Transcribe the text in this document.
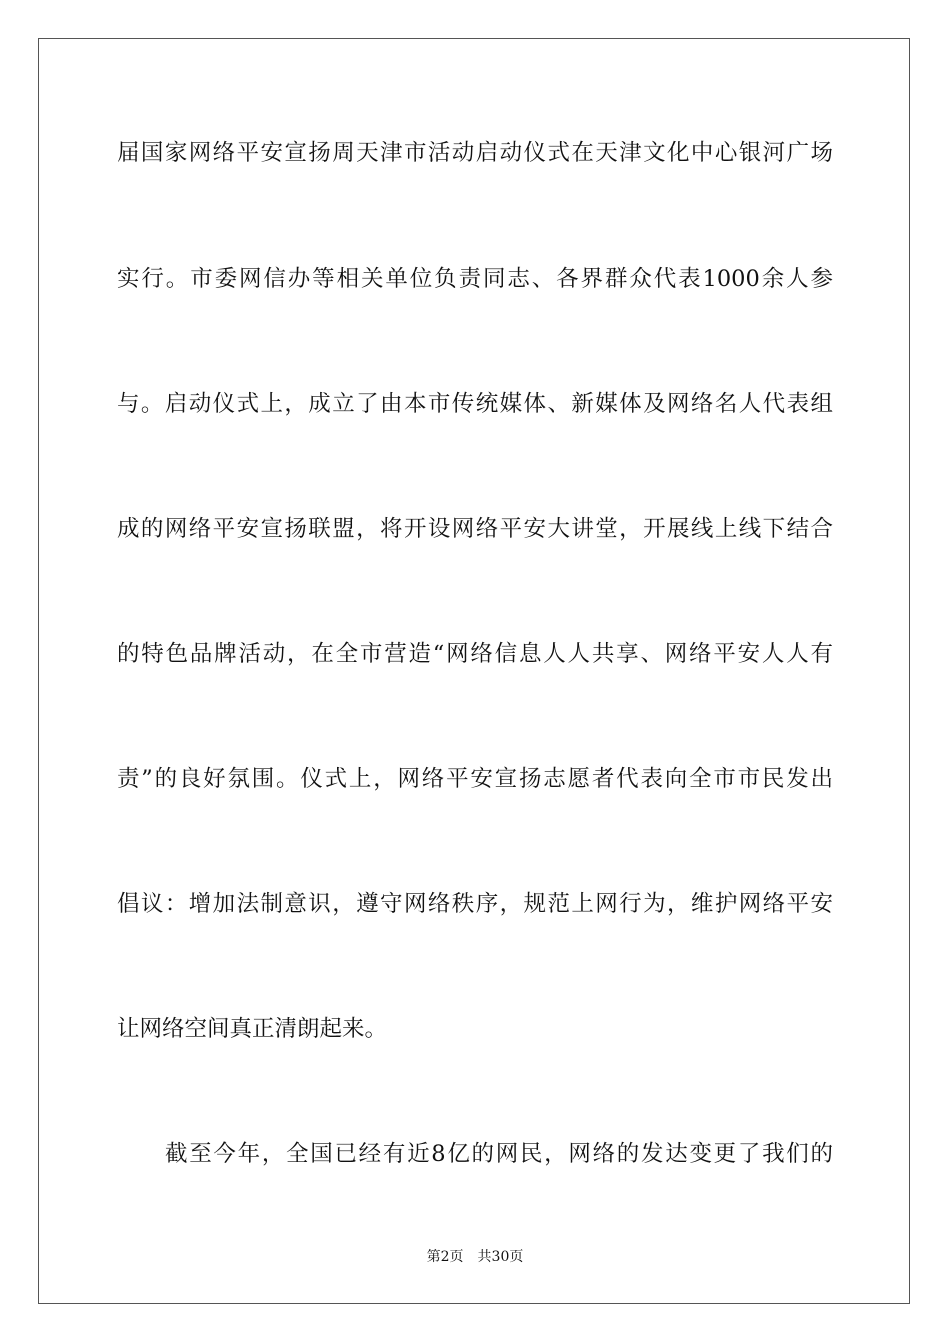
届国家网络平安宣扬周天津市活动启动仪式在天津文化中心银河广场
实行。市委网信办等相关单位负责同志、各界群众代表1000余人参
与。启动仪式上，成立了由本市传统媒体、新媒体及网络名人代表组
成的网络平安宣扬联盟，将开设网络平安大讲堂，开展线上线下结合
的特色品牌活动，在全市营造“网络信息人人共享、网络平安人人有
责”的良好氛围。仪式上，网络平安宣扬志愿者代表向全市市民发出
倡议：增加法制意识，遵守网络秩序，规范上网行为，维护网络平安
让网络空间真正清朗起来。
截至今年，全国已经有近8亿的网民，网络的发达变更了我们的
第2页 共30页
